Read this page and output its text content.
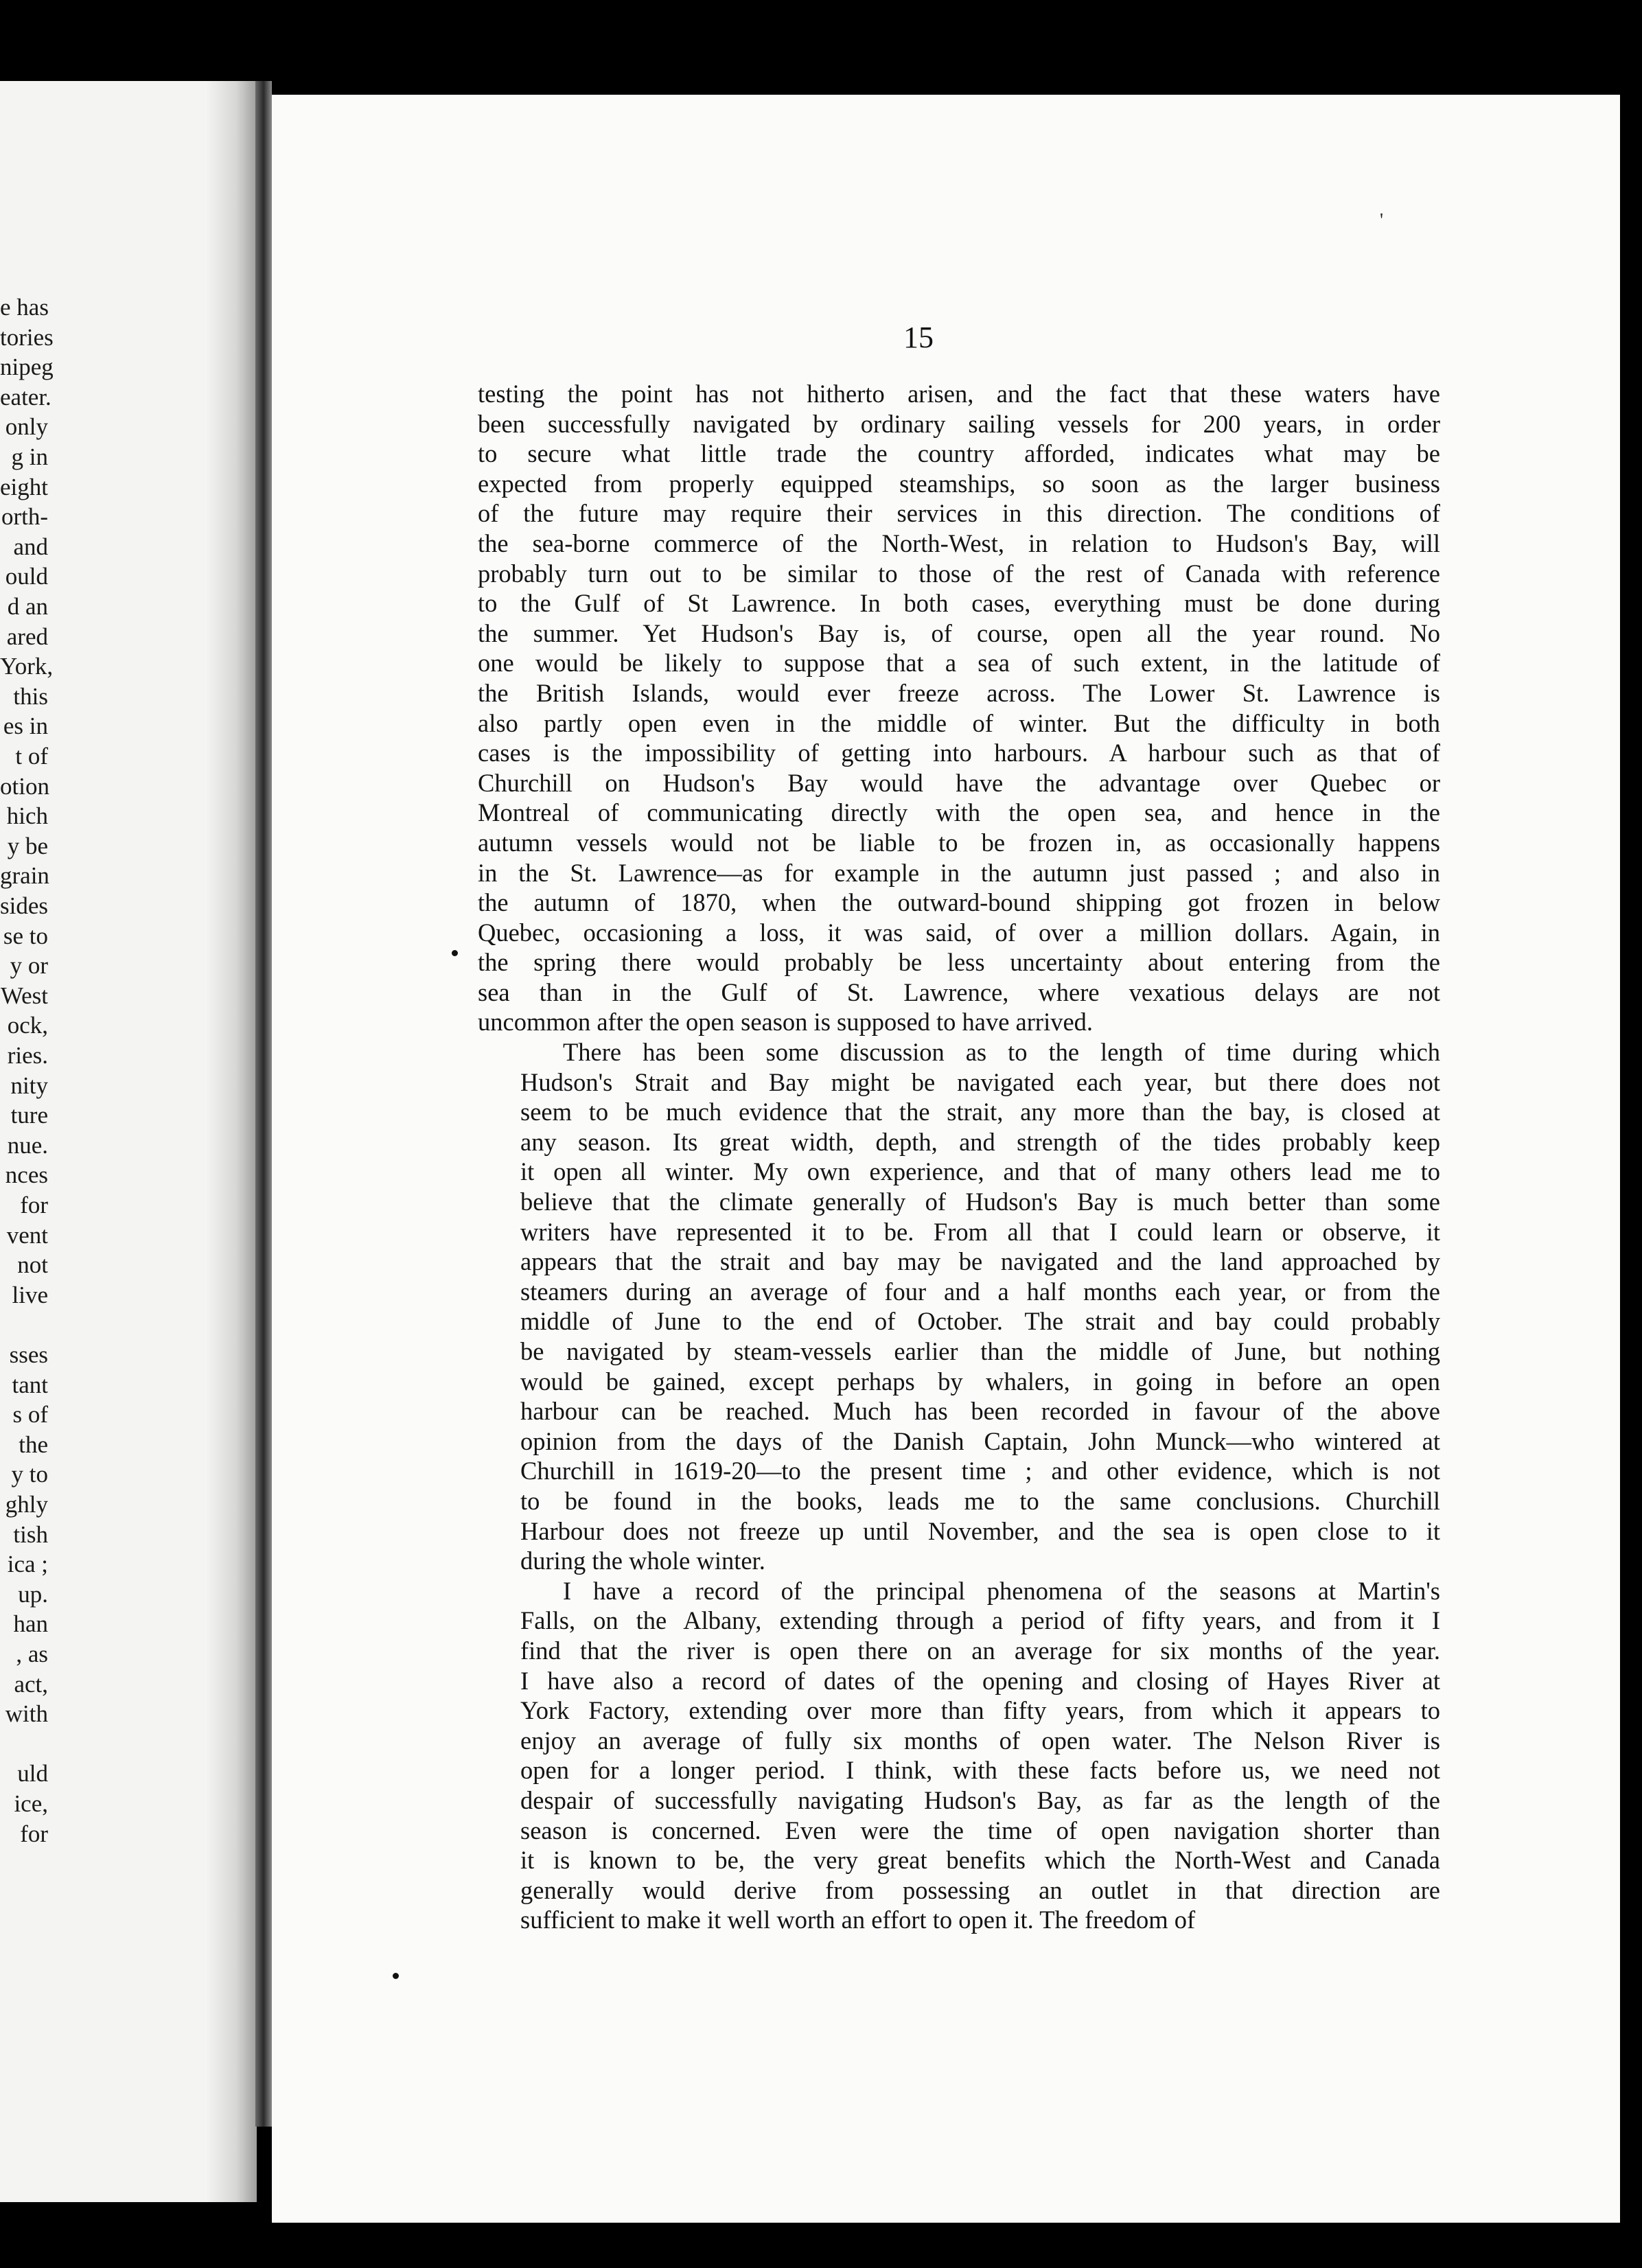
e has
tories
nipeg
eater.
only
g in
eight
orth-
and
ould
d an
ared
York,
this
es in
t of
otion
hich
y be
grain
sides
se to
y or
West
ock,
ries.
nity
ture
nue.
nces
for
vent
not
live
sses
tant
s of
the
y to
ghly
tish
ica ;
up.
han
, as
act,
with
uld
ice,
for
15
testing the point has not hitherto arisen, and the fact that these waters have
been successfully navigated by ordinary sailing vessels for 200 years, in order
to secure what little trade the country afforded, indicates what may be
expected from properly equipped steamships, so soon as the larger business
of the future may require their services in this direction. The conditions of
the sea-borne commerce of the North-West, in relation to Hudson's Bay, will
probably turn out to be similar to those of the rest of Canada with reference
to the Gulf of St Lawrence. In both cases, everything must be done during
the summer. Yet Hudson's Bay is, of course, open all the year round. No
one would be likely to suppose that a sea of such extent, in the latitude of
the British Islands, would ever freeze across. The Lower St. Lawrence is
also partly open even in the middle of winter. But the difficulty in both
cases is the impossibility of getting into harbours. A harbour such as that of
Churchill on Hudson's Bay would have the advantage over Quebec or
Montreal of communicating directly with the open sea, and hence in the
autumn vessels would not be liable to be frozen in, as occasionally happens
in the St. Lawrence—as for example in the autumn just passed ; and also in
the autumn of 1870, when the outward-bound shipping got frozen in below
Quebec, occasioning a loss, it was said, of over a million dollars. Again, in
the spring there would probably be less uncertainty about entering from the
sea than in the Gulf of St. Lawrence, where vexatious delays are not
uncommon after the open season is supposed to have arrived.
There has been some discussion as to the length of time during which
Hudson's Strait and Bay might be navigated each year, but there does not
seem to be much evidence that the strait, any more than the bay, is closed at
any season. Its great width, depth, and strength of the tides probably keep
it open all winter. My own experience, and that of many others lead me to
believe that the climate generally of Hudson's Bay is much better than some
writers have represented it to be. From all that I could learn or observe, it
appears that the strait and bay may be navigated and the land approached by
steamers during an average of four and a half months each year, or from the
middle of June to the end of October. The strait and bay could probably
be navigated by steam-vessels earlier than the middle of June, but nothing
would be gained, except perhaps by whalers, in going in before an open
harbour can be reached. Much has been recorded in favour of the above
opinion from the days of the Danish Captain, John Munck—who wintered at
Churchill in 1619-20—to the present time ; and other evidence, which is not
to be found in the books, leads me to the same conclusions. Churchill
Harbour does not freeze up until November, and the sea is open close to it
during the whole winter.
I have a record of the principal phenomena of the seasons at Martin's
Falls, on the Albany, extending through a period of fifty years, and from it I
find that the river is open there on an average for six months of the year.
I have also a record of dates of the opening and closing of Hayes River at
York Factory, extending over more than fifty years, from which it appears to
enjoy an average of fully six months of open water. The Nelson River is
open for a longer period. I think, with these facts before us, we need not
despair of successfully navigating Hudson's Bay, as far as the length of the
season is concerned. Even were the time of open navigation shorter than
it is known to be, the very great benefits which the North-West and Canada
generally would derive from possessing an outlet in that direction are
sufficient to make it well worth an effort to open it. The freedom of
'
